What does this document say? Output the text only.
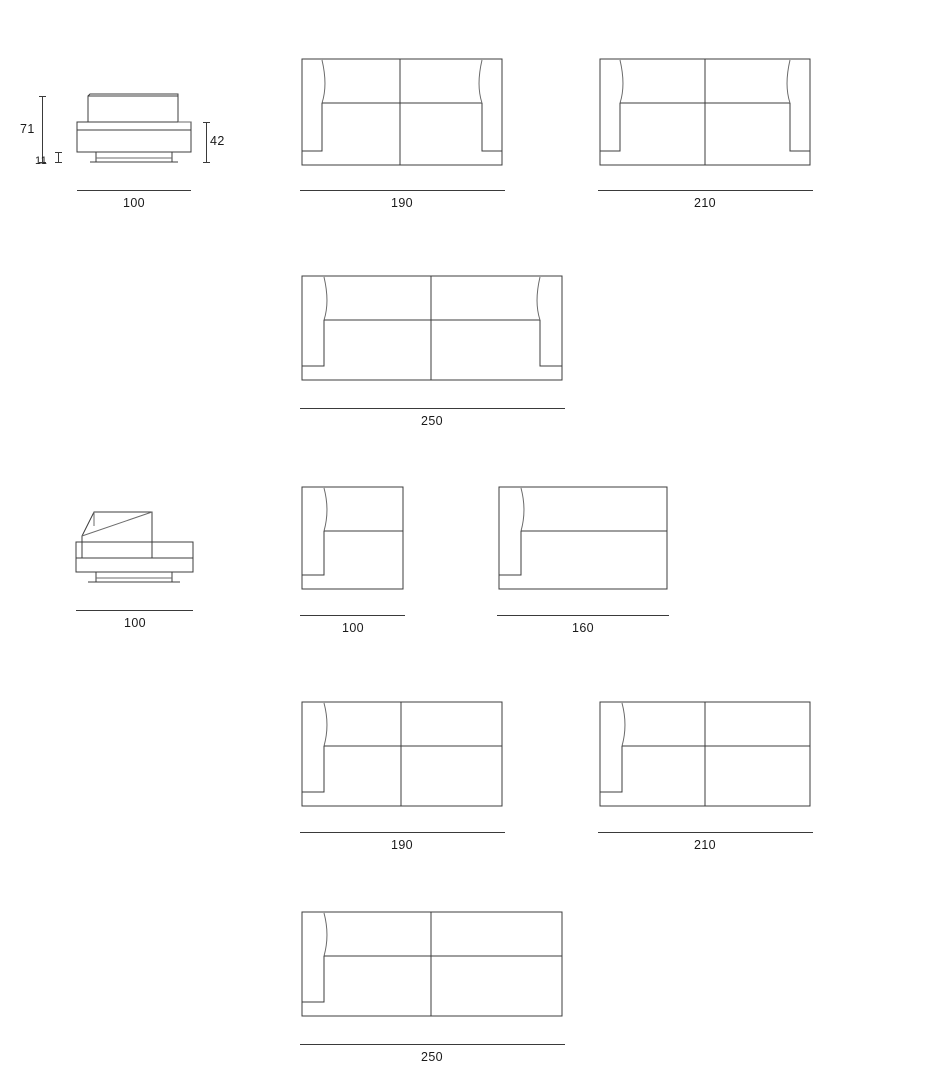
71
11
42
100	190	210
250
100	100	160
190	210
250
